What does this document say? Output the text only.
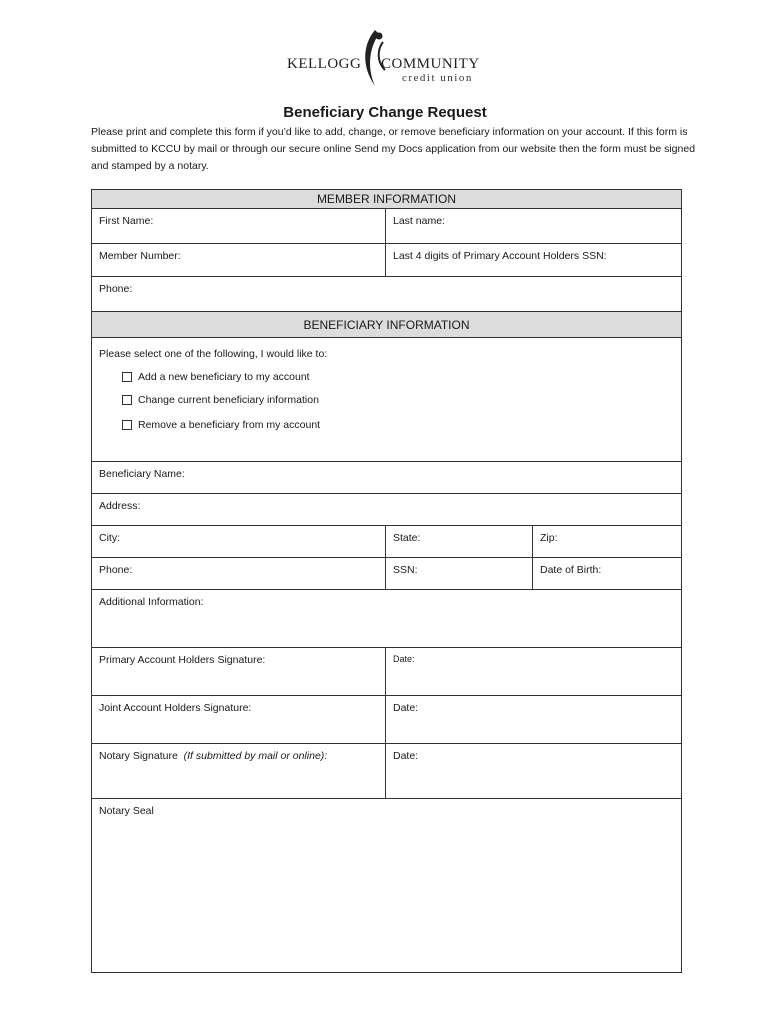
KELLOGG COMMUNITY
credit union
Beneficiary Change Request
Please print and complete this form if you’d like to add, change, or remove beneficiary information on your account. If this form is submitted to KCCU by mail or through our secure online Send my Docs application from our website then the form must be signed and stamped by a notary.
MEMBER INFORMATION
First Name:	Last name:
Member Number:	Last 4 digits of Primary Account Holders SSN:
Phone:
BENEFICIARY INFORMATION
Please select one of the following, I would like to:
Add a new beneficiary to my account
Change current beneficiary information
Remove a beneficiary from my account
Beneficiary Name:
Address:
City:	State:	Zip:
Phone:	SSN:	Date of Birth:
Additional Information:
Primary Account Holders Signature:	Date:
Joint Account Holders Signature:	Date:
Notary Signature (If submitted by mail or online):	Date:
Notary Seal
